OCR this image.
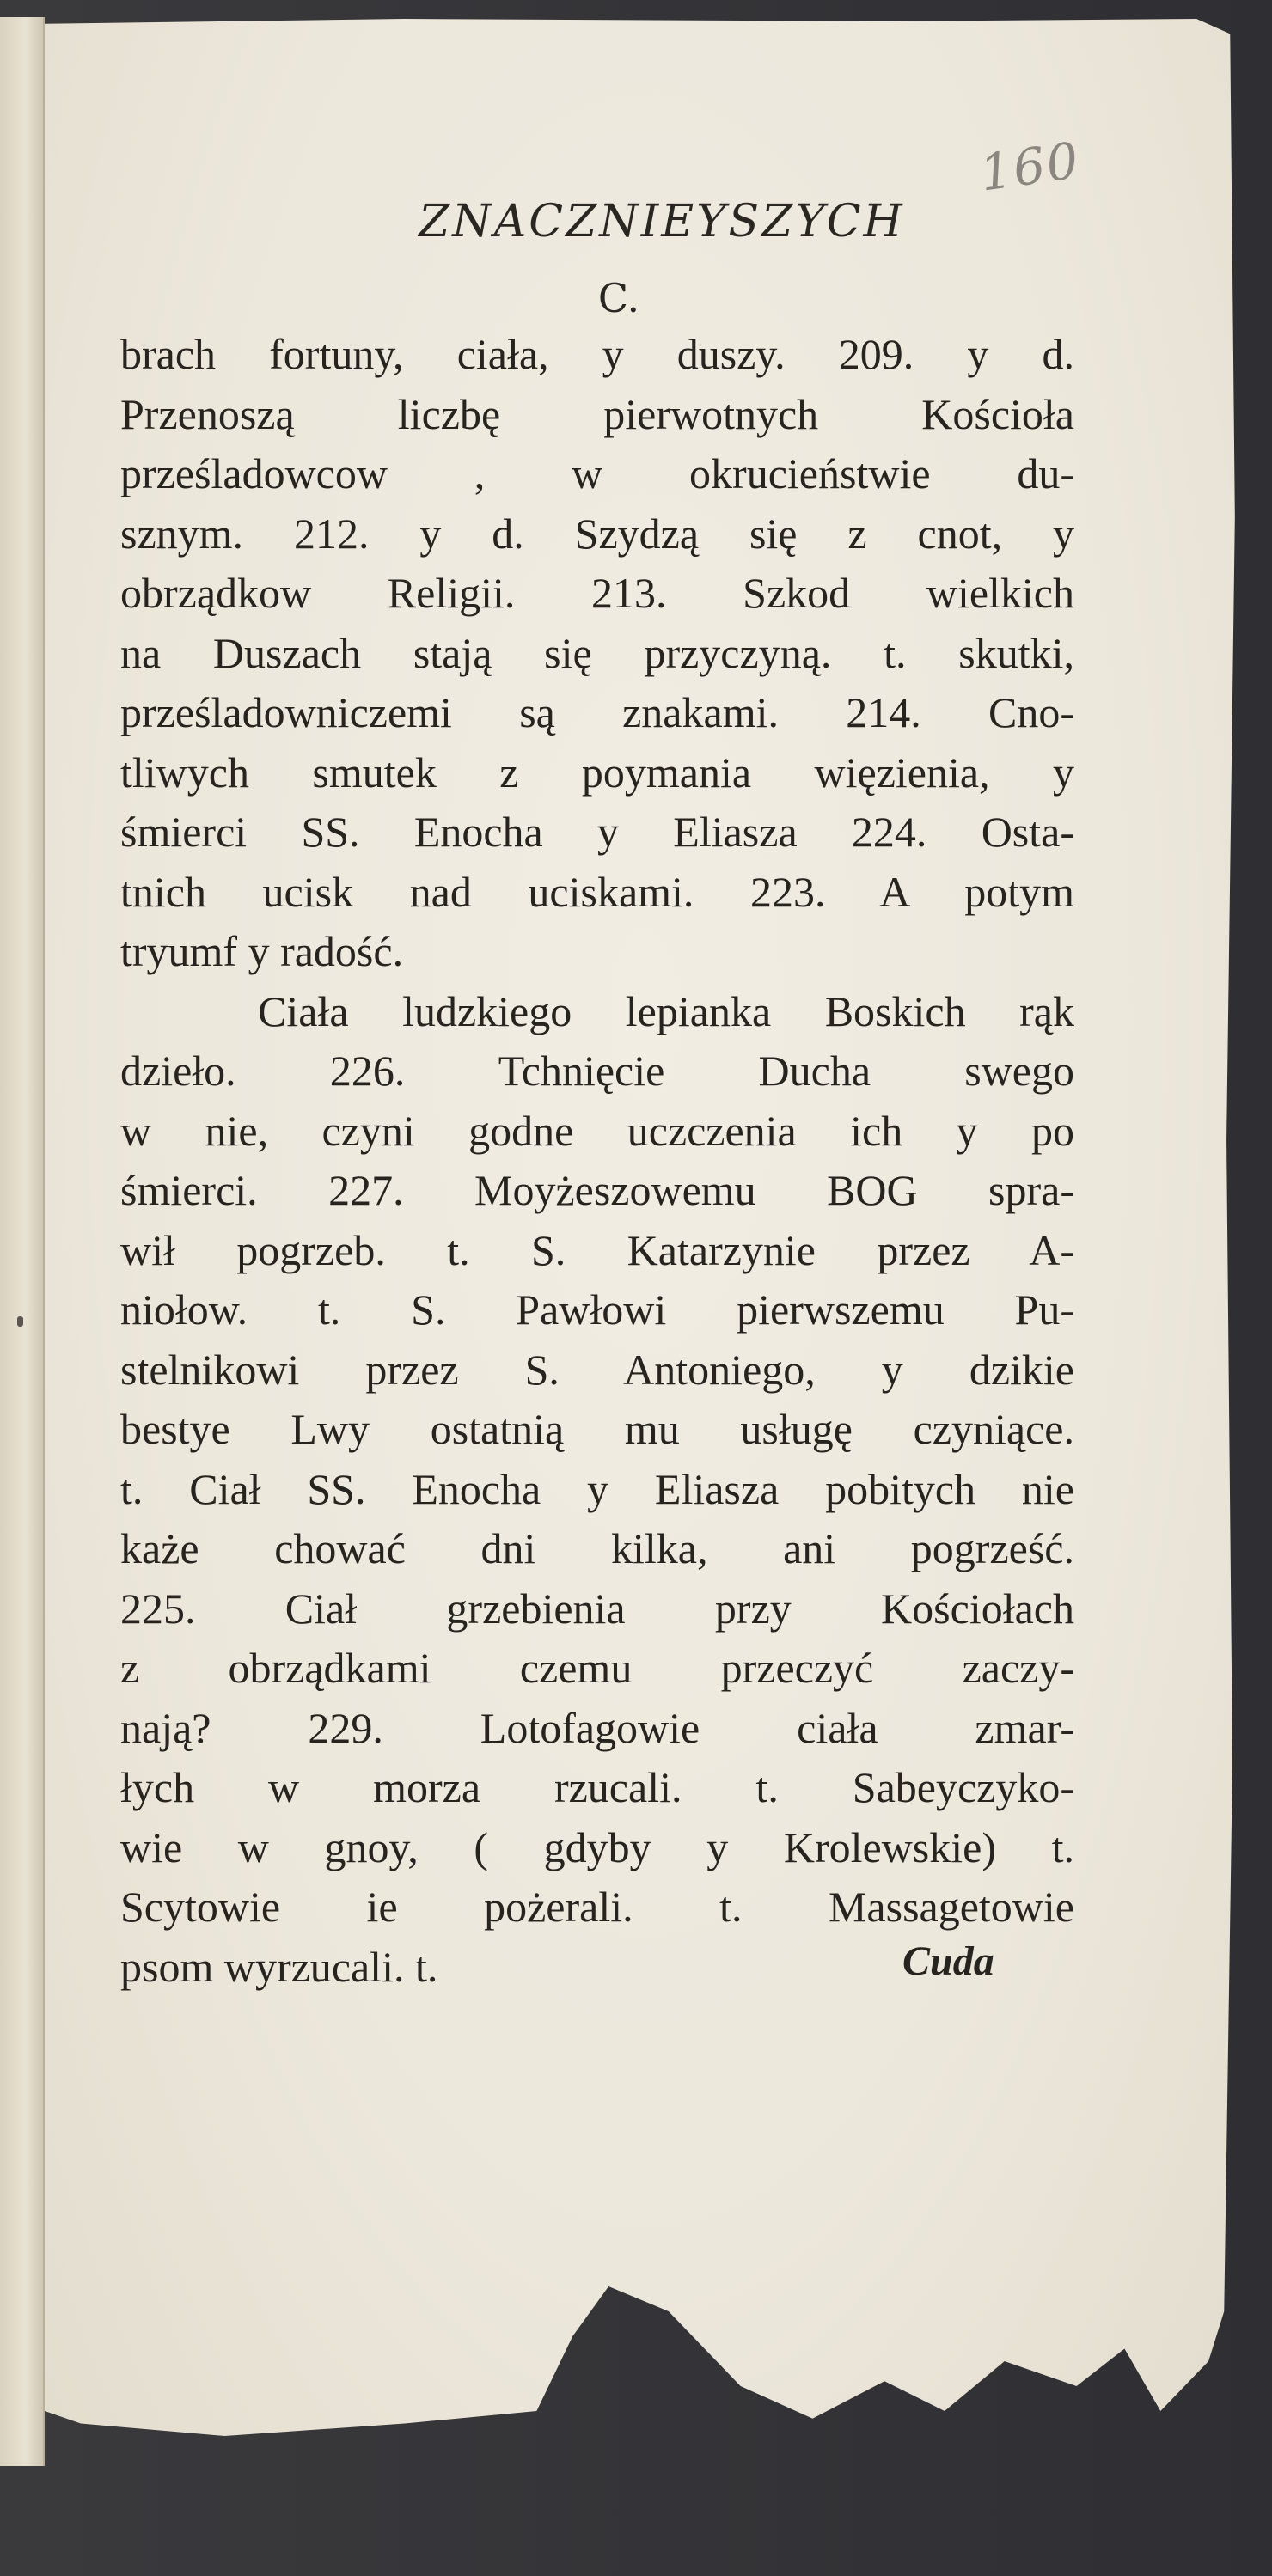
160
ZNACZNIEYSZYCH
C.
brach fortuny, ciała, y duszy. 209. y d.
Przenoszą liczbę pierwotnych Kościoła
prześladowcow , w okrucieństwie du-
sznym. 212. y d. Szydzą się z cnot, y
obrządkow Religii. 213. Szkod wielkich
na Duszach stają się przyczyną. t. skutki,
prześladowniczemi są znakami. 214. Cno-
tliwych smutek z poymania więzienia, y
śmierci SS. Enocha y Eliasza 224. Osta-
tnich ucisk nad uciskami. 223. A potym
tryumf y radość.
Ciała ludzkiego lepianka Boskich rąk
dzieło. 226. Tchnięcie Ducha swego
w nie, czyni godne uczczenia ich y po
śmierci. 227. Moyżeszowemu BOG spra-
wił pogrzeb. t. S. Katarzynie przez A-
niołow. t. S. Pawłowi pierwszemu Pu-
stelnikowi przez S. Antoniego, y dzikie
bestye Lwy ostatnią mu usługę czyniące.
t. Ciał SS. Enocha y Eliasza pobitych nie
każe chować dni kilka, ani pogrześć.
225. Ciał grzebienia przy Kościołach
z obrządkami czemu przeczyć zaczy-
nają? 229. Lotofagowie ciała zmar-
łych w morza rzucali. t. Sabeyczyko-
wie w gnoy, ( gdyby y Krolewskie) t.
Scytowie ie pożerali. t. Massagetowie
psom wyrzucali. t.	Cuda
